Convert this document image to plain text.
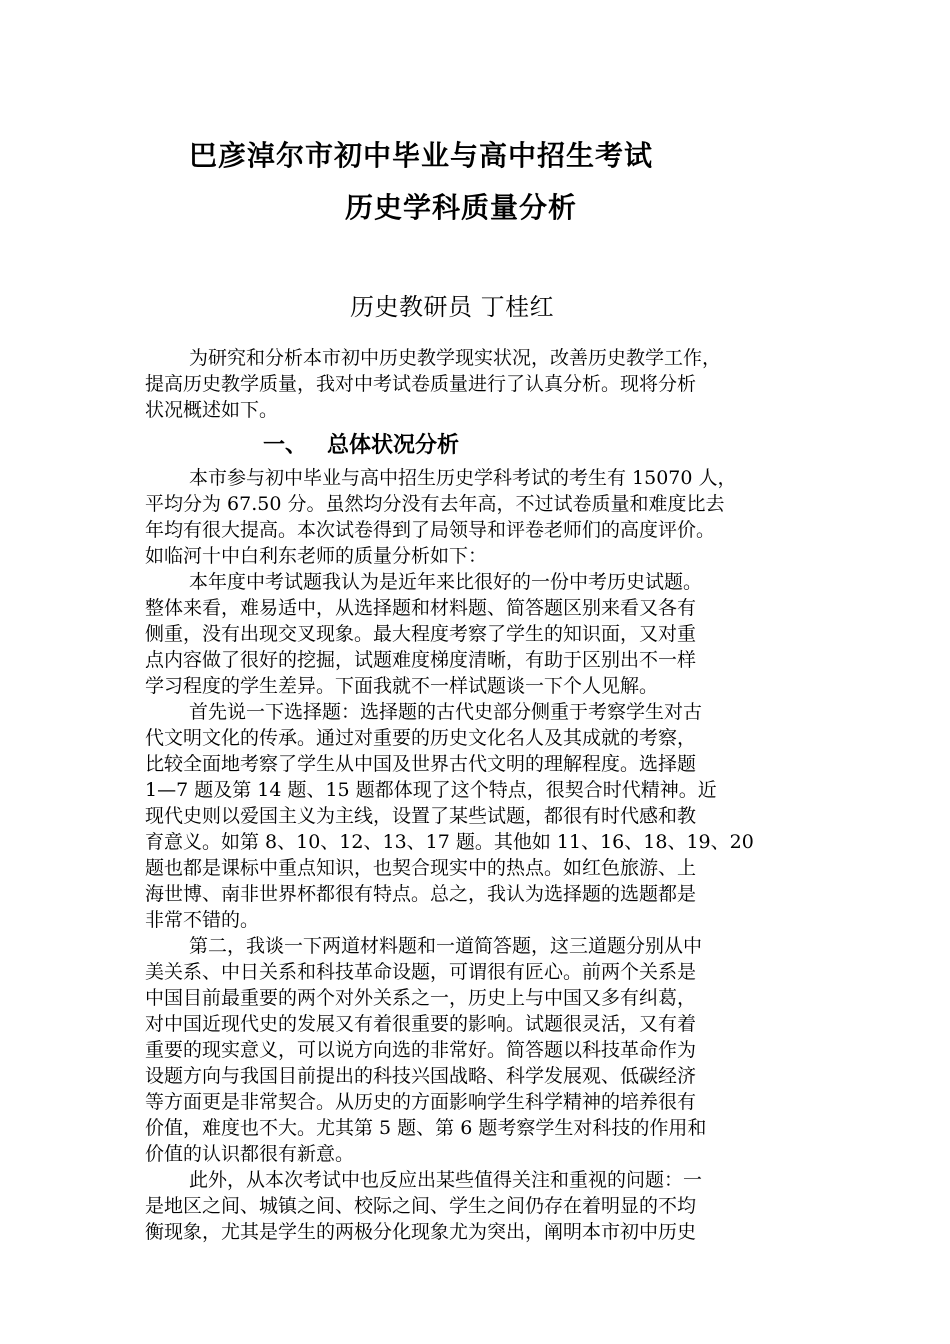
巴彦淖尔市初中毕业与高中招生考试
历史学科质量分析
历史教研员 丁桂红
为研究和分析本市初中历史教学现实状况，改善历史教学工作，
提高历史教学质量，我对中考试卷质量进行了认真分析。现将分析
状况概述如下。
一、 总体状况分析
本市参与初中毕业与高中招生历史学科考试的考生有 15070 人，
平均分为 67.50 分。虽然均分没有去年高，不过试卷质量和难度比去
年均有很大提高。本次试卷得到了局领导和评卷老师们的高度评价。
如临河十中白利东老师的质量分析如下：
本年度中考试题我认为是近年来比很好的一份中考历史试题。
整体来看，难易适中，从选择题和材料题、简答题区别来看又各有
侧重，没有出现交叉现象。最大程度考察了学生的知识面，又对重
点内容做了很好的挖掘，试题难度梯度清晰，有助于区别出不一样
学习程度的学生差异。下面我就不一样试题谈一下个人见解。
首先说一下选择题：选择题的古代史部分侧重于考察学生对古
代文明文化的传承。通过对重要的历史文化名人及其成就的考察，
比较全面地考察了学生从中国及世界古代文明的理解程度。选择题
1—7 题及第 14 题、15 题都体现了这个特点，很契合时代精神。近
现代史则以爱国主义为主线，设置了某些试题，都很有时代感和教
育意义。如第 8、10、12、13、17 题。其他如 11、16、18、19、20
题也都是课标中重点知识，也契合现实中的热点。如红色旅游、上
海世博、南非世界杯都很有特点。总之，我认为选择题的选题都是
非常不错的。
第二，我谈一下两道材料题和一道简答题，这三道题分别从中
美关系、中日关系和科技革命设题，可谓很有匠心。前两个关系是
中国目前最重要的两个对外关系之一，历史上与中国又多有纠葛，
对中国近现代史的发展又有着很重要的影响。试题很灵活，又有着
重要的现实意义，可以说方向选的非常好。简答题以科技革命作为
设题方向与我国目前提出的科技兴国战略、科学发展观、低碳经济
等方面更是非常契合。从历史的方面影响学生科学精神的培养很有
价值，难度也不大。尤其第 5 题、第 6 题考察学生对科技的作用和
价值的认识都很有新意。
此外，从本次考试中也反应出某些值得关注和重视的问题：一
是地区之间、城镇之间、校际之间、学生之间仍存在着明显的不均
衡现象，尤其是学生的两极分化现象尤为突出，阐明本市初中历史
